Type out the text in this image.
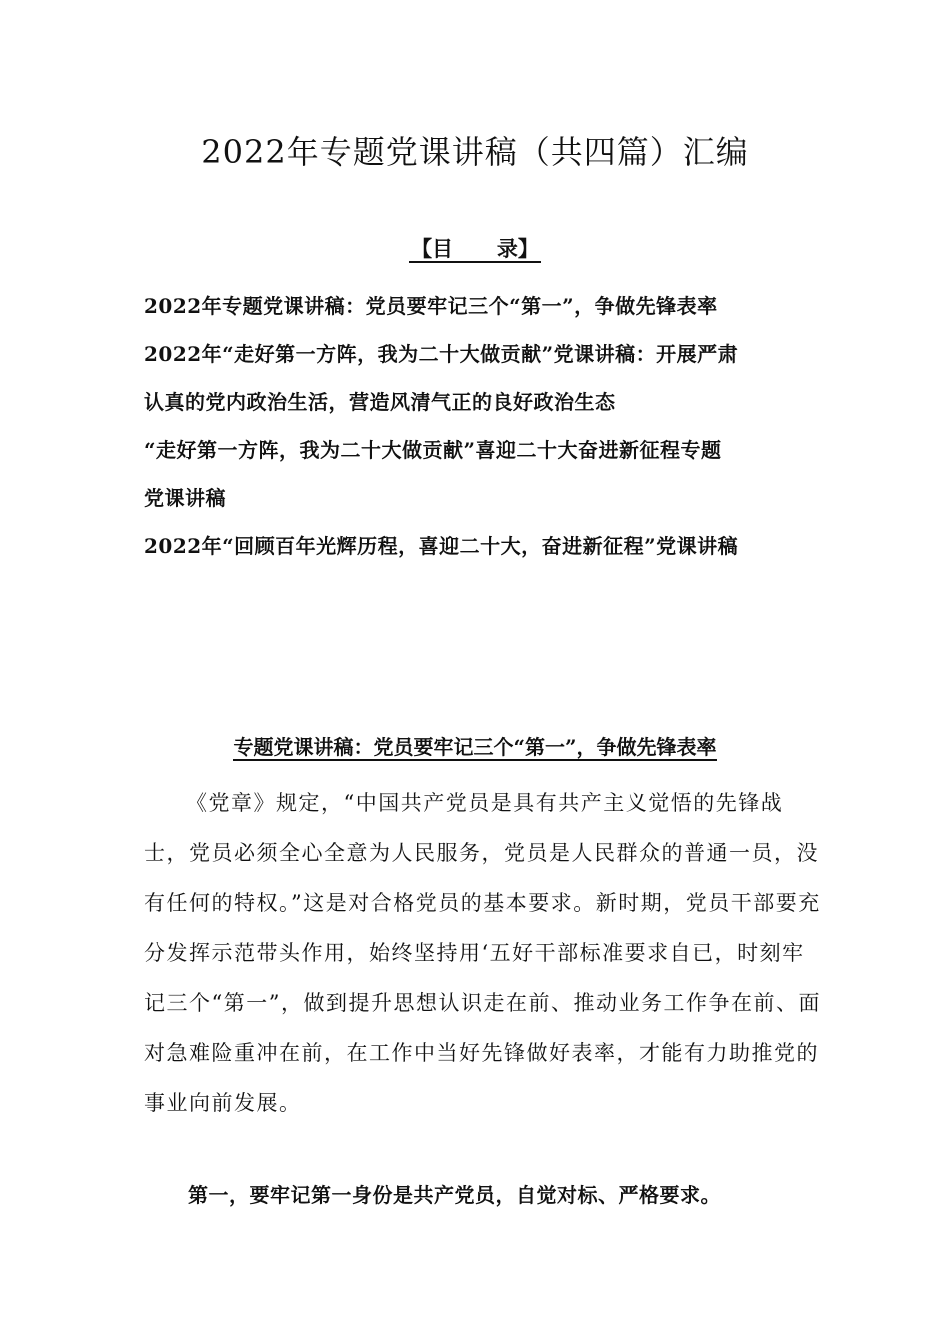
2022年专题党课讲稿（共四篇）汇编
【目      录】
2022年专题党课讲稿：党员要牢记三个“第一”，争做先锋表率
2022年“走好第一方阵，我为二十大做贡献”党课讲稿：开展严肃
认真的党内政治生活，营造风清气正的良好政治生态
“走好第一方阵，我为二十大做贡献”喜迎二十大奋进新征程专题
党课讲稿
2022年“回顾百年光辉历程，喜迎二十大，奋进新征程”党课讲稿
专题党课讲稿：党员要牢记三个“第一”，争做先锋表率

《党章》规定，“中国共产党员是具有共产主义觉悟的先锋战士，党员必须全心全意为人民服务，党员是人民群众的普通一员，没有任何的特权。”这是对合格党员的基本要求。新时期，党员干部要充分发挥示范带头作用，始终坚持用‘五好干部标准要求自已，时刻牢记三个“第一”，做到提升思想认识走在前、推动业务工作争在前、面对急难险重冲在前，在工作中当好先锋做好表率，才能有力助推党的事业向前发展。

第一，要牢记第一身份是共产党员，自觉对标、严格要求。
